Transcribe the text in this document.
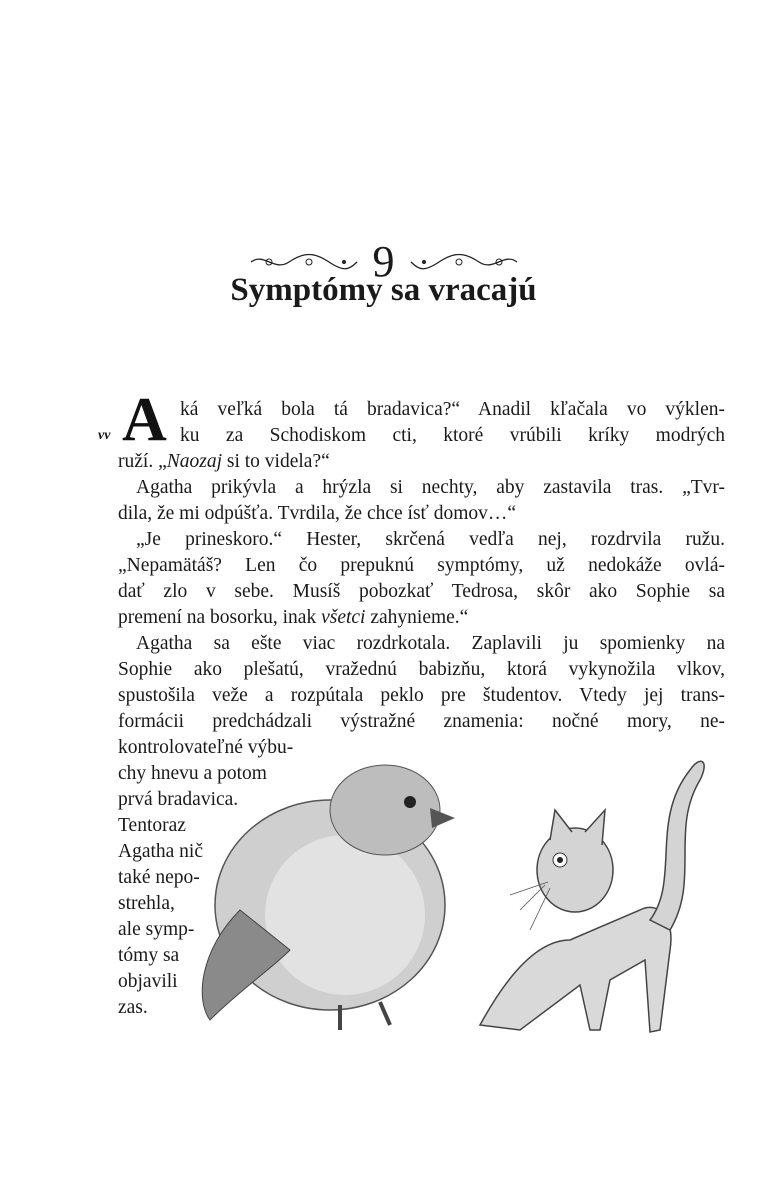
9
Symptómy sa vracajú
A
vv
ká veľká bola tá bradavica?“ Anadil kľačala vo výklen-
ku za Schodiskom cti, ktoré vrúbili kríky modrých
ruží. „Naozaj si to videla?“
Agatha prikývla a hrýzla si nechty, aby zastavila tras. „Tvr-
dila, že mi odpúšťa. Tvrdila, že chce ísť domov…“
„Je prineskoro.“ Hester, skrčená vedľa nej, rozdrvila ružu.
„Nepamätáš? Len čo prepuknú symptómy, už nedokáže ovlá-
dať zlo v sebe. Musíš pobozkať Tedrosa, skôr ako Sophie sa
premení na bosorku, inak všetci zahynieme.“
Agatha sa ešte viac rozdrkotala. Zaplavili ju spomienky na
Sophie ako plešatú, vražednú babizňu, ktorá vykynožila vlkov,
spustošila veže a rozpútala peklo pre študentov. Vtedy jej trans-
formácii predchádzali výstražné znamenia: nočné mory, ne-
kontrolovateľné výbu-
chy hnevu a potom
prvá bradavica.
Tentoraz
Agatha nič
také nepo-
strehla,
ale symp-
tómy sa
objavili
zas.
